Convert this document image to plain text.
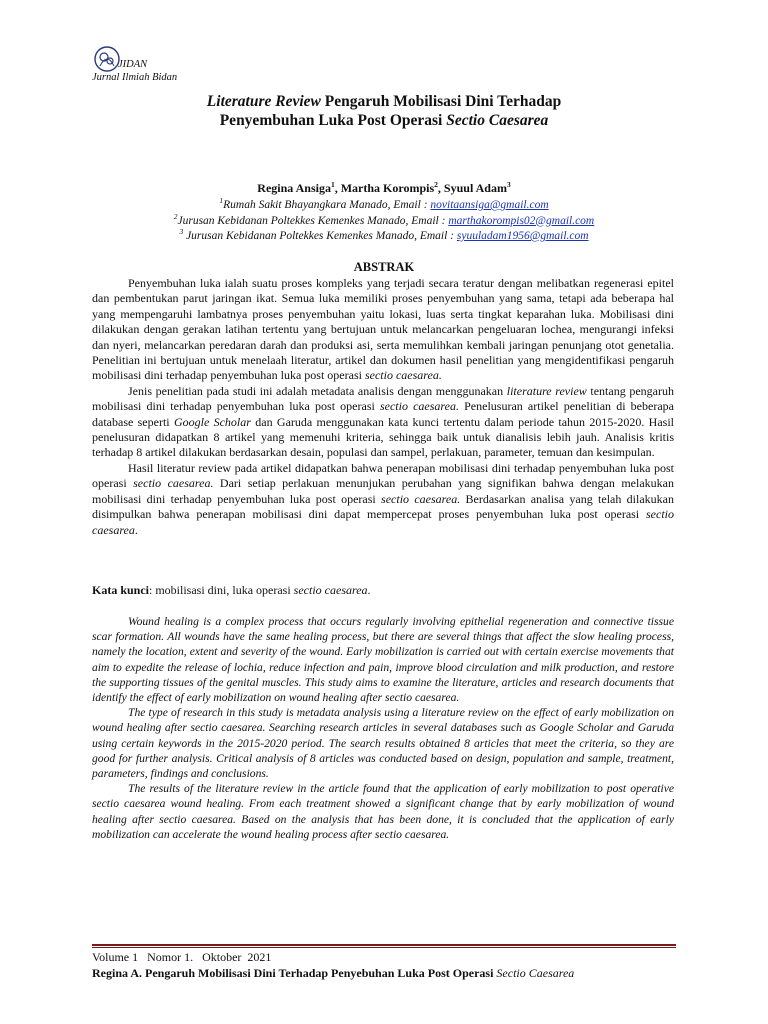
JIDAN
Jurnal Ilmiah Bidan
Literature Review Pengaruh Mobilisasi Dini Terhadap
Penyembuhan Luka Post Operasi Sectio Caesarea
Regina Ansiga$^1$, Martha Korompis$^2$, Syuul Adam$^3$
$^1$Rumah Sakit Bhayangkara Manado, Email : novitaansiga@gmail.com
$^2$Jurusan Kebidanan Poltekkes Kemenkes Manado, Email : marthakorompis02@gmail.com
$^3$ Jurusan Kebidanan Poltekkes Kemenkes Manado, Email : syuuladam1956@gmail.com
ABSTRAK

Penyembuhan luka ialah suatu proses kompleks yang terjadi secara teratur dengan melibatkan regenerasi epitel dan pembentukan parut jaringan ikat. Semua luka memiliki proses penyembuhan yang sama, tetapi ada beberapa hal yang mempengaruhi lambatnya proses penyembuhan yaitu lokasi, luas serta tingkat keparahan luka. Mobilisasi dini dilakukan dengan gerakan latihan tertentu yang bertujuan untuk melancarkan pengeluaran lochea, mengurangi infeksi dan nyeri, melancarkan peredaran darah dan produksi asi, serta memulihkan kembali jaringan penunjang otot genetalia. Penelitian ini bertujuan untuk menelaah literatur, artikel dan dokumen hasil penelitian yang mengidentifikasi pengaruh mobilisasi dini terhadap penyembuhan luka post operasi sectio caesarea.

Jenis penelitian pada studi ini adalah metadata analisis dengan menggunakan literature review tentang pengaruh mobilisasi dini terhadap penyembuhan luka post operasi sectio caesarea. Penelusuran artikel penelitian di beberapa database seperti Google Scholar dan Garuda menggunakan kata kunci tertentu dalam periode tahun 2015-2020. Hasil penelusuran didapatkan 8 artikel yang memenuhi kriteria, sehingga baik untuk dianalisis lebih jauh. Analisis kritis terhadap 8 artikel dilakukan berdasarkan desain, populasi dan sampel, perlakuan, parameter, temuan dan kesimpulan.

Hasil literatur review pada artikel didapatkan bahwa penerapan mobilisasi dini terhadap penyembuhan luka post operasi sectio caesarea. Dari setiap perlakuan menunjukan perubahan yang signifikan bahwa dengan melakukan mobilisasi dini terhadap penyembuhan luka post operasi sectio caesarea. Berdasarkan analisa yang telah dilakukan disimpulkan bahwa penerapan mobilisasi dini dapat mempercepat proses penyembuhan luka post operasi sectio caesarea.

Kata kunci: mobilisasi dini, luka operasi sectio caesarea.

Wound healing is a complex process that occurs regularly involving epithelial regeneration and connective tissue scar formation. All wounds have the same healing process, but there are several things that affect the slow healing process, namely the location, extent and severity of the wound. Early mobilization is carried out with certain exercise movements that aim to expedite the release of lochia, reduce infection and pain, improve blood circulation and milk production, and restore the supporting tissues of the genital muscles. This study aims to examine the literature, articles and research documents that identify the effect of early mobilization on wound healing after sectio caesarea.

The type of research in this study is metadata analysis using a literature review on the effect of early mobilization on wound healing after sectio caesarea. Searching research articles in several databases such as Google Scholar and Garuda using certain keywords in the 2015-2020 period. The search results obtained 8 articles that meet the criteria, so they are good for further analysis. Critical analysis of 8 articles was conducted based on design, population and sample, treatment, parameters, findings and conclusions.

The results of the literature review in the article found that the application of early mobilization to post operative sectio caesarea wound healing. From each treatment showed a significant change that by early mobilization of wound healing after sectio caesarea. Based on the analysis that has been done, it is concluded that the application of early mobilization can accelerate the wound healing process after sectio caesarea.

Volume 1   Nomor 1.   Oktober  2021
Regina A. Pengaruh Mobilisasi Dini Terhadap Penyebuhan Luka Post Operasi Sectio Caesarea
